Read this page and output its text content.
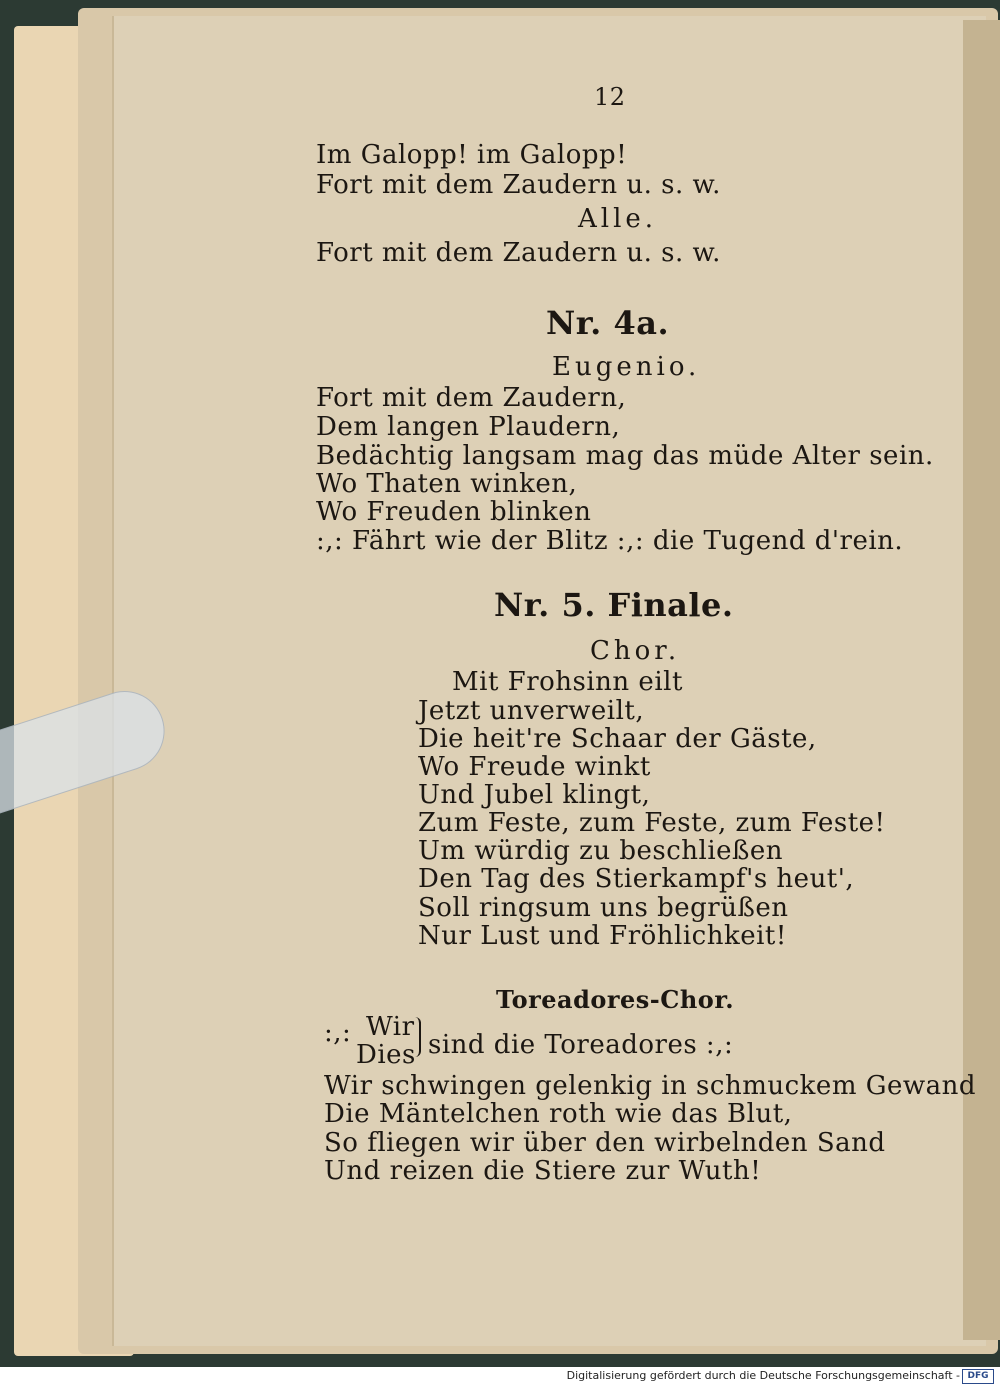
12
Im Galopp! im Galopp!
Fort mit dem Zaudern u. s. w.
Alle.
Fort mit dem Zaudern u. s. w.
Nr. 4a.
Eugenio.
Fort mit dem Zaudern,
Dem langen Plaudern,
Bedächtig langsam mag das müde Alter sein.
Wo Thaten winken,
Wo Freuden blinken
:,: Fährt wie der Blitz :,: die Tugend d'rein.
Nr. 5. Finale.
Chor.
Mit Frohsinn eilt
Jetzt unverweilt,
Die heit're Schaar der Gäste,
Wo Freude winkt
Und Jubel klingt,
Zum Feste, zum Feste, zum Feste!
Um würdig zu beschließen
Den Tag des Stierkampf's heut',
Soll ringsum uns begrüßen
Nur Lust und Fröhlichkeit!
Toreadores-Chor.
:,: Wir
Dies sind die Toreadores :,:
Wir schwingen gelenkig in schmuckem Gewand
Die Mäntelchen roth wie das Blut,
So fliegen wir über den wirbelnden Sand
Und reizen die Stiere zur Wuth!
Digitalisierung gefördert durch die Deutsche Forschungsgemeinschaft - DFG
